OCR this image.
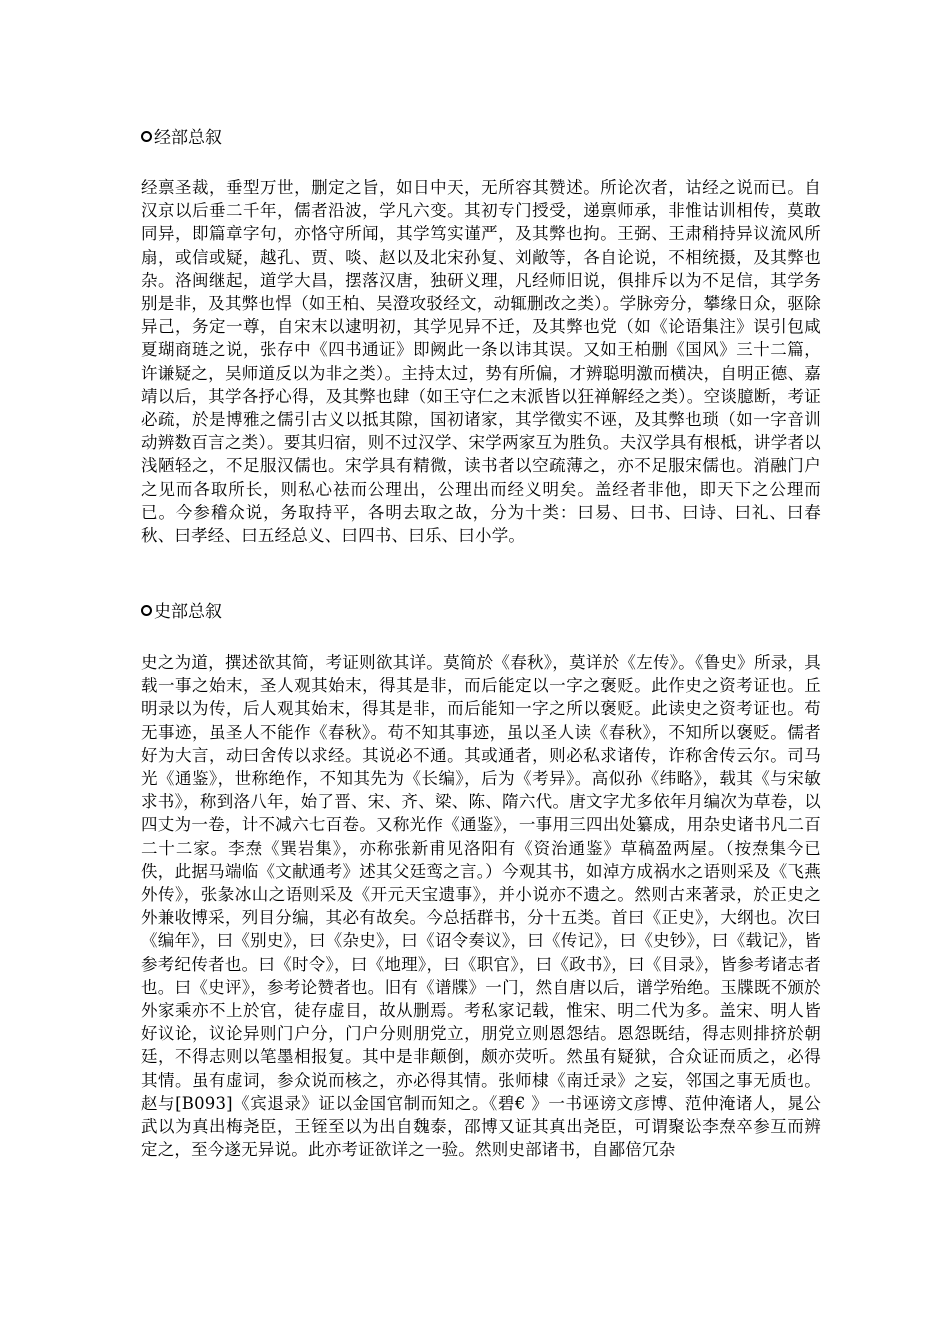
经部总叙
经禀圣裁，垂型万世，删定之旨，如日中天，无所容其赞述。所论次者，诂经之说而已。自汉京以后垂二千年，儒者沿波，学凡六变。其初专门授受，递禀师承，非惟诂训相传，莫敢同异，即篇章字句，亦恪守所闻，其学笃实谨严，及其弊也拘。王弼、王肃稍持异议流风所扇，或信或疑，越孔、贾、啖、赵以及北宋孙复、刘敞等，各自论说，不相统摄，及其弊也杂。洛闽继起，道学大昌，摆落汉唐，独研义理，凡经师旧说，俱排斥以为不足信，其学务别是非，及其弊也悍（如王柏、吴澄攻驳经文，动辄删改之类）。学脉旁分，攀缘日众，驱除异己，务定一尊，自宋末以逮明初，其学见异不迁，及其弊也党（如《论语集注》误引包咸夏瑚商琏之说，张存中《四书通证》即阙此一条以讳其误。又如王柏删《国风》三十二篇，许谦疑之，吴师道反以为非之类）。主持太过，势有所偏，才辨聪明激而横决，自明正德、嘉靖以后，其学各抒心得，及其弊也肆（如王守仁之末派皆以狂禅解经之类）。空谈臆断，考证必疏，於是博雅之儒引古义以抵其隙，国初诸家，其学徵实不诬，及其弊也琐（如一字音训动辨数百言之类）。要其归宿，则不过汉学、宋学两家互为胜负。夫汉学具有根柢，讲学者以浅陋轻之，不足服汉儒也。宋学具有精微，读书者以空疏薄之，亦不足服宋儒也。消融门户之见而各取所长，则私心祛而公理出，公理出而经义明矣。盖经者非他，即天下之公理而已。今参稽众说，务取持平，各明去取之故，分为十类：曰易、曰书、曰诗、曰礼、曰春秋、曰孝经、曰五经总义、曰四书、曰乐、曰小学。
史部总叙
史之为道，撰述欲其简，考证则欲其详。莫简於《春秋》，莫详於《左传》。《鲁史》所录，具载一事之始末，圣人观其始末，得其是非，而后能定以一字之褒贬。此作史之资考证也。丘明录以为传，后人观其始末，得其是非，而后能知一字之所以褒贬。此读史之资考证也。苟无事迹，虽圣人不能作《春秋》。苟不知其事迹，虽以圣人读《春秋》，不知所以褒贬。儒者好为大言，动曰舍传以求经。其说必不通。其或通者，则必私求诸传，诈称舍传云尔。司马光《通鉴》，世称绝作，不知其先为《长编》，后为《考异》。高似孙《纬略》，载其《与宋敏求书》，称到洛八年，始了晋、宋、齐、梁、陈、隋六代。唐文字尤多依年月编次为草卷，以四丈为一卷，计不减六七百卷。又称光作《通鉴》，一事用三四出处纂成，用杂史诸书凡二百二十二家。李焘《巽岩集》，亦称张新甫见洛阳有《资治通鉴》草稿盈两屋。（按焘集今已佚，此据马端临《文献通考》述其父廷鸾之言。）今观其书，如淖方成祸水之语则采及《飞燕外传》，张彖冰山之语则采及《开元天宝遗事》，并小说亦不遗之。然则古来著录，於正史之外兼收博采，列目分编，其必有故矣。今总括群书，分十五类。首曰《正史》，大纲也。次曰《编年》，曰《别史》，曰《杂史》，曰《诏令奏议》，曰《传记》，曰《史钞》，曰《载记》，皆参考纪传者也。曰《时令》，曰《地理》，曰《职官》，曰《政书》，曰《目录》，皆参考诸志者也。曰《史评》，参考论赞者也。旧有《谱牒》一门，然自唐以后，谱学殆绝。玉牒既不颁於外家乘亦不上於官，徒存虚目，故从删焉。考私家记载，惟宋、明二代为多。盖宋、明人皆好议论，议论异则门户分，门户分则朋党立，朋党立则恩怨结。恩怨既结，得志则排挤於朝廷，不得志则以笔墨相报复。其中是非颠倒，颇亦荧听。然虽有疑狱，合众证而质之，必得其情。虽有虚词，参众说而核之，亦必得其情。张师棣《南迁录》之妄，邻国之事无质也。赵与[B093]《宾退录》证以金国官制而知之。《碧€ 》一书诬谤文彦博、范仲淹诸人，晁公武以为真出梅尧臣，王铚至以为出自魏泰，邵博又证其真出尧臣，可谓聚讼李焘卒参互而辨定之，至今遂无异说。此亦考证欲详之一验。然则史部诸书，自鄙倍冗杂
